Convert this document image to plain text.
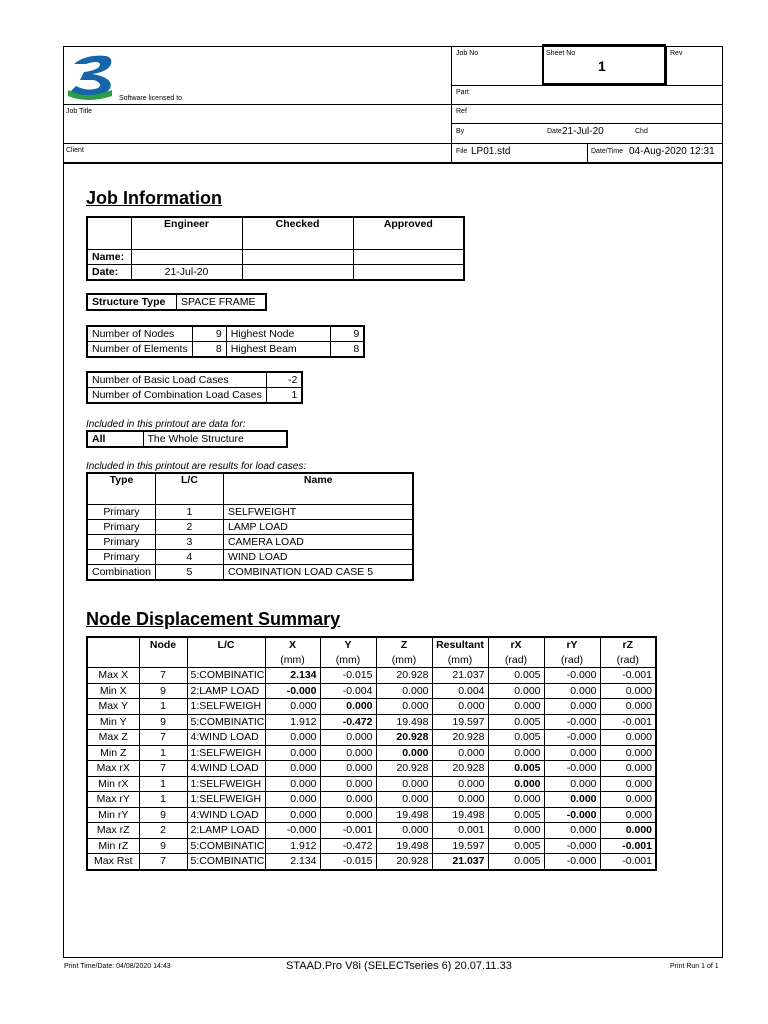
Software licensed to
Job Title
Client
Job No	Sheet No
1
Rev
Part
Ref
By	Date 21-Jul-20	Chd
File LP01.std	Date/Time 04-Aug-2020 12:31
Job Information
	Engineer	Checked	Approved
Name:			
Date:	21-Jul-20		
Structure Type	SPACE FRAME
Number of Nodes	9	Highest Node	9
Number of Elements	8	Highest Beam	8
Number of Basic Load Cases	-2
Number of Combination Load Cases	1
Included in this printout are data for:
All	The Whole Structure
Included in this printout are results for load cases:
Type	L/C	Name
Primary	1	SELFWEIGHT
Primary	2	LAMP LOAD
Primary	3	CAMERA LOAD
Primary	4	WIND LOAD
Combination	5	COMBINATION LOAD CASE 5
Node Displacement Summary
	Node	L/C	X	Y	Z	Resultant	rX	rY	rZ
			(mm)	(mm)	(mm)	(mm)	(rad)	(rad)	(rad)
Max X	7	5:COMBINATIC	2.134	-0.015	20.928	21.037	0.005	-0.000	-0.001
Min X	9	2:LAMP LOAD	-0.000	-0.004	0.000	0.004	0.000	0.000	0.000
Max Y	1	1:SELFWEIGH	0.000	0.000	0.000	0.000	0.000	0.000	0.000
Min Y	9	5:COMBINATIC	1.912	-0.472	19.498	19.597	0.005	-0.000	-0.001
Max Z	7	4:WIND LOAD	0.000	0.000	20.928	20.928	0.005	-0.000	0.000
Min Z	1	1:SELFWEIGH	0.000	0.000	0.000	0.000	0.000	0.000	0.000
Max rX	7	4:WIND LOAD	0.000	0.000	20.928	20.928	0.005	-0.000	0.000
Min rX	1	1:SELFWEIGH	0.000	0.000	0.000	0.000	0.000	0.000	0.000
Max rY	1	1:SELFWEIGH	0.000	0.000	0.000	0.000	0.000	0.000	0.000
Min rY	9	4:WIND LOAD	0.000	0.000	19.498	19.498	0.005	-0.000	0.000
Max rZ	2	2:LAMP LOAD	-0.000	-0.001	0.000	0.001	0.000	0.000	0.000
Min rZ	9	5:COMBINATIC	1.912	-0.472	19.498	19.597	0.005	-0.000	-0.001
Max Rst	7	5:COMBINATIC	2.134	-0.015	20.928	21.037	0.005	-0.000	-0.001
Print Time/Date: 04/08/2020 14:43	STAAD.Pro V8i (SELECTseries 6) 20.07.11.33	Print Run 1 of 1
